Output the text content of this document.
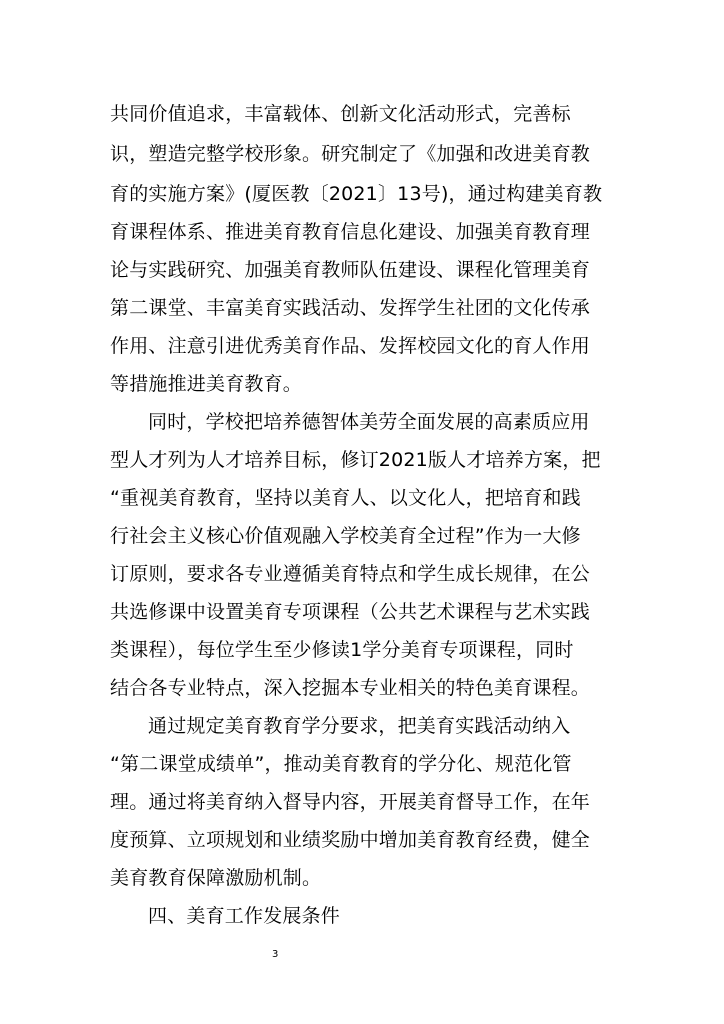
共同价值追求，丰富载体、创新文化活动形式，完善标
识，塑造完整学校形象。研究制定了《加强和改进美育教
育的实施方案》(厦医教〔2021〕13号)，通过构建美育教
育课程体系、推进美育教育信息化建设、加强美育教育理
论与实践研究、加强美育教师队伍建设、课程化管理美育
第二课堂、丰富美育实践活动、发挥学生社团的文化传承
作用、注意引进优秀美育作品、发挥校园文化的育人作用
等措施推进美育教育。
同时，学校把培养德智体美劳全面发展的高素质应用
型人才列为人才培养目标，修订2021版人才培养方案，把
“重视美育教育，坚持以美育人、以文化人，把培育和践
行社会主义核心价值观融入学校美育全过程”作为一大修
订原则，要求各专业遵循美育特点和学生成长规律，在公
共选修课中设置美育专项课程（公共艺术课程与艺术实践
类课程），每位学生至少修读1学分美育专项课程，同时
结合各专业特点，深入挖掘本专业相关的特色美育课程。
通过规定美育教育学分要求，把美育实践活动纳入
“第二课堂成绩单”，推动美育教育的学分化、规范化管
理。通过将美育纳入督导内容，开展美育督导工作，在年
度预算、立项规划和业绩奖励中增加美育教育经费，健全
美育教育保障激励机制。
四、美育工作发展条件
3
